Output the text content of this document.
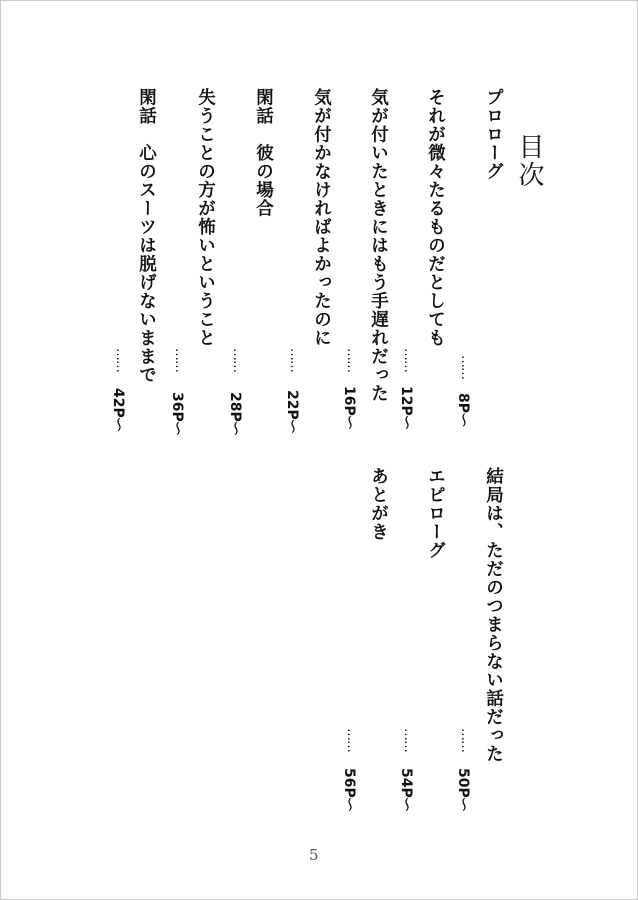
目次
プロローグ
……
8P～
それが微々たるものだとしても
……
12P～
気が付いたときにはもう手遅れだった
……
16P～
気が付かなければよかったのに
……
22P～
閑話　彼の場合
……
28P～
失うことの方が怖いということ
……
36P～
閑話　心のスーツは脱げないままで
……
42P～
結局は、ただのつまらない話だった
……
50P～
エピローグ
……
54P～
あとがき
……
56P～
5
